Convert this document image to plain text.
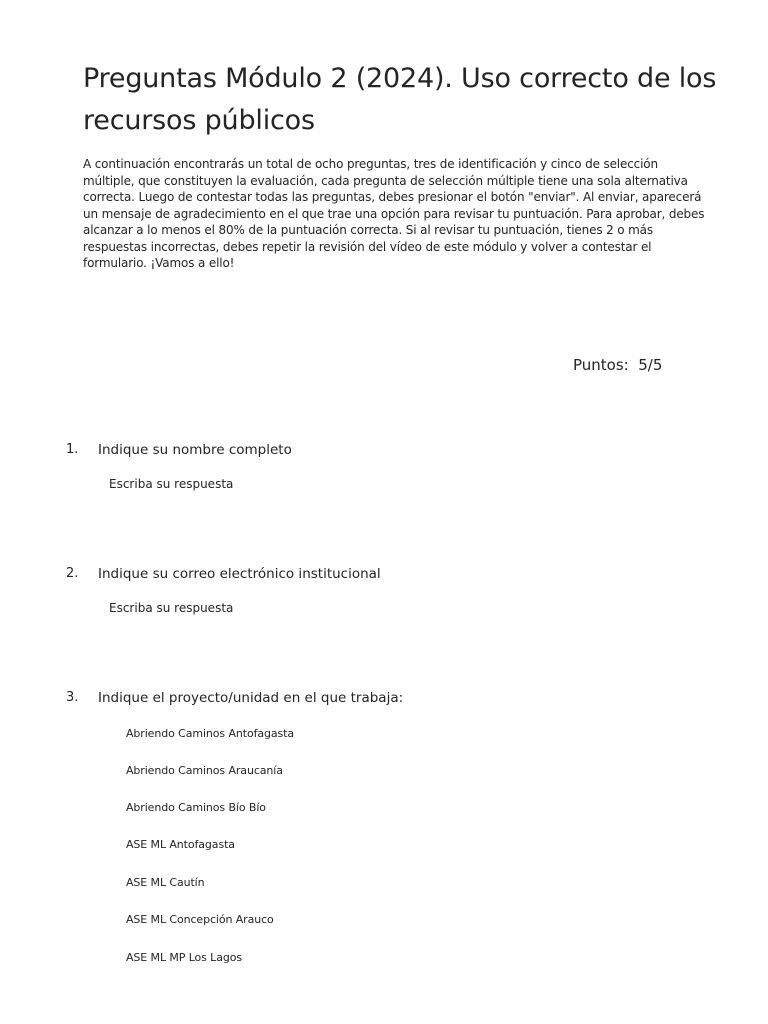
Preguntas Módulo 2 (2024). Uso correcto de los recursos públicos

A continuación encontrarás un total de ocho preguntas, tres de identificación y cinco de selección múltiple, que constituyen la evaluación, cada pregunta de selección múltiple tiene una sola alternativa correcta. Luego de contestar todas las preguntas, debes presionar el botón "enviar". Al enviar, aparecerá un mensaje de agradecimiento en el que trae una opción para revisar tu puntuación. Para aprobar, debes alcanzar a lo menos el 80% de la puntuación correcta. Si al revisar tu puntuación, tienes 2 o más respuestas incorrectas, debes repetir la revisión del vídeo de este módulo y volver a contestar el formulario. ¡Vamos a ello!

Puntos:  5/5
1. Indique su nombre completo
Escriba su respuesta
2. Indique su correo electrónico institucional
Escriba su respuesta
3. Indique el proyecto/unidad en el que trabaja:
Abriendo Caminos Antofagasta
Abriendo Caminos Araucanía
Abriendo Caminos Bío Bío
ASE ML Antofagasta
ASE ML Cautín
ASE ML Concepción Arauco
ASE ML MP Los Lagos
